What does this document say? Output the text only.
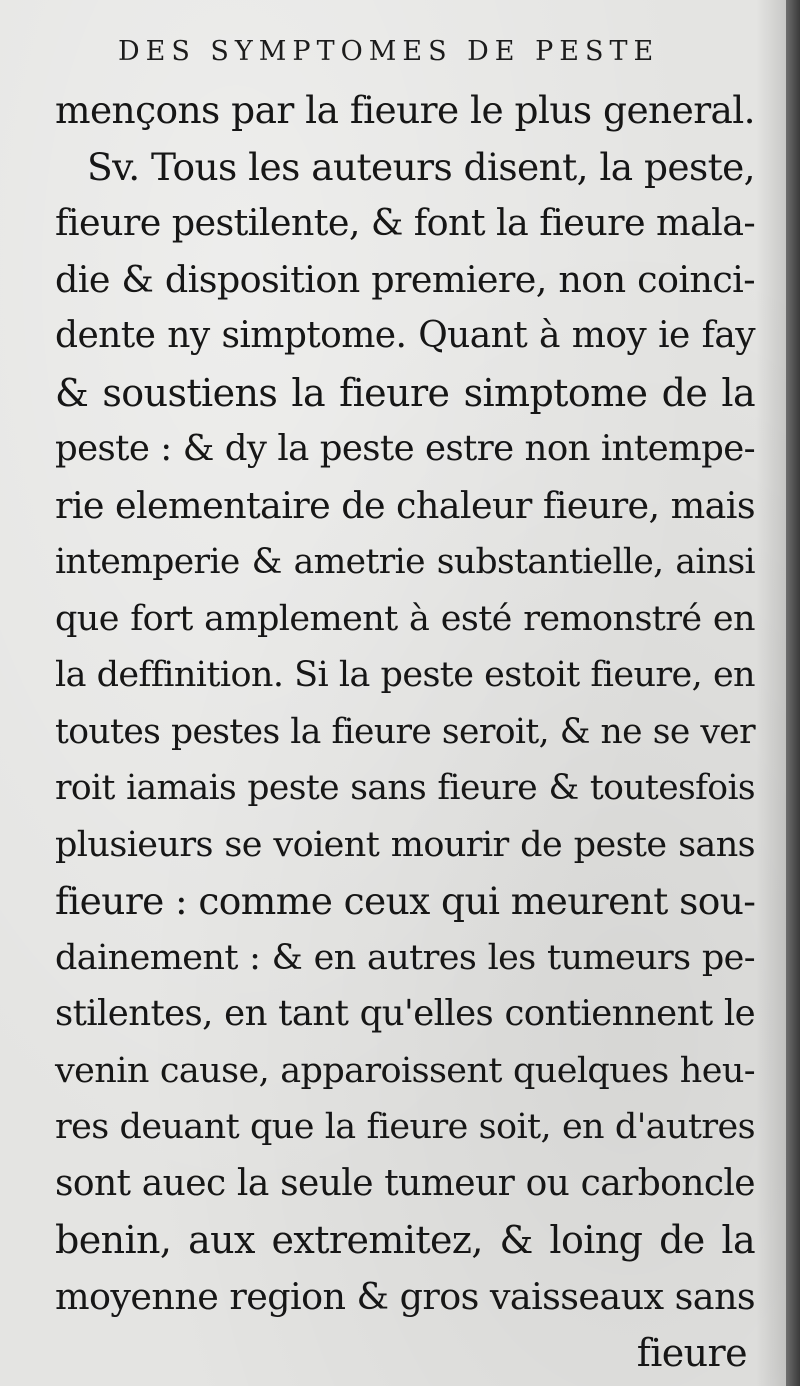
DES SYMPTOMES DE PESTE
mençons par la fieure le plus general.
Sv. Tous les auteurs disent, la peste,
fieure pestilente, & font la fieure mala-
die & disposition premiere, non coinci-
dente ny simptome. Quant à moy ie fay
& soustiens la fieure simptome de la
peste : & dy la peste estre non intempe-
rie elementaire de chaleur fieure, mais
intemperie & ametrie substantielle, ainsi
que fort amplement à esté remonstré en
la deffinition. Si la peste estoit fieure, en
toutes pestes la fieure seroit, & ne se ver
roit iamais peste sans fieure & toutesfois
plusieurs se voient mourir de peste sans
fieure : comme ceux qui meurent sou-
dainement : & en autres les tumeurs pe-
stilentes, en tant qu'elles contiennent le
venin cause, apparoissent quelques heu-
res deuant que la fieure soit, en d'autres
sont auec la seule tumeur ou carboncle
benin, aux extremitez, & loing de la
moyenne region & gros vaisseaux sans
fieure
